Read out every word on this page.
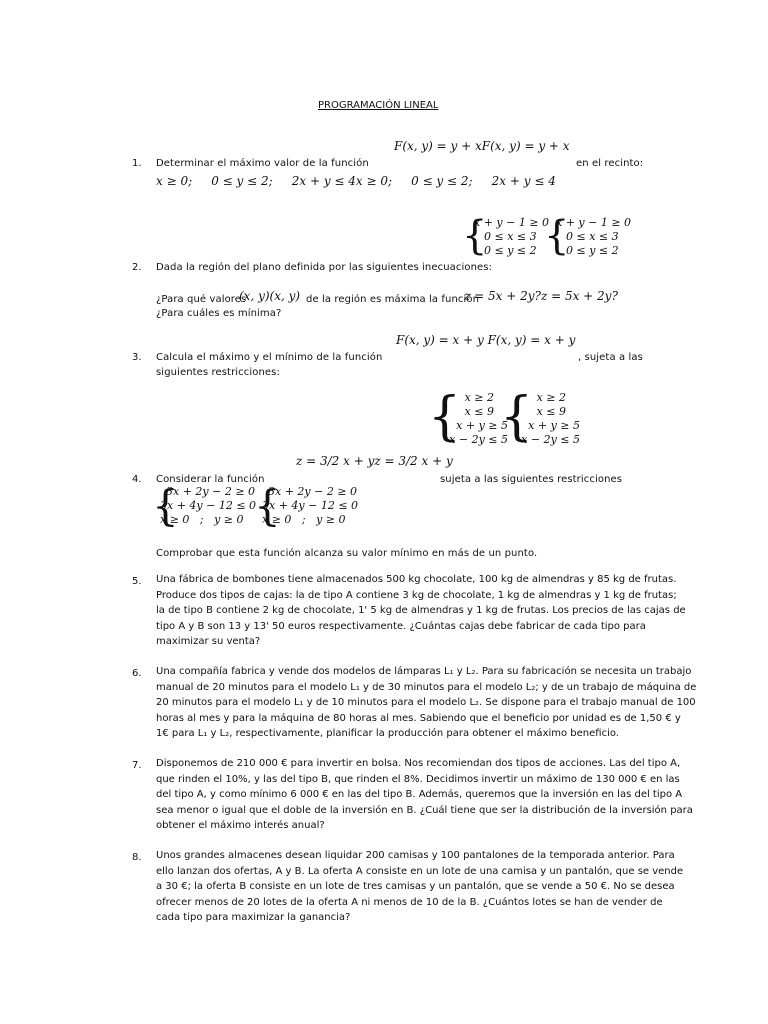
PROGRAMACIÓN LINEAL
F(x, y) = y + xF(x, y) = y + x
1. Determinar el máximo valor de la función	en el recinto:
x ≥ 0;     0 ≤ y ≤ 2;     2x + y ≤ 4x ≥ 0;     0 ≤ y ≤ 2;     2x + y ≤ 4
{
x + y − 1 ≥ 0
0 ≤ x ≤ 3
0 ≤ y ≤ 2 {
x + y − 1 ≥ 0
0 ≤ x ≤ 3
0 ≤ y ≤ 2
2. Dada la región del plano definida por las siguientes inecuaciones:
¿Para qué valores
(x, y)(x, y) de la región es máxima la función
z = 5x + 2y?z = 5x + 2y?
¿Para cuáles es mínima?
F(x, y) = x + y F(x, y) = x + y
3. Calcula el máximo y el mínimo de la función	, sujeta a las
siguientes restricciones:
{ x ≥ 2
x ≤ 9
x + y ≥ 5
x − 2y ≤ 5
{ x ≥ 2
x ≤ 9
x + y ≥ 5
x − 2y ≤ 5
z = 3/2 x + yz = 3/2 x + y
4. Considerar la función	sujeta a las siguientes restricciones
{
3x + 2y − 2 ≥ 0
3x + 4y − 12 ≤ 0
x ≥ 0   ;   y ≥ 0 {
3x + 2y − 2 ≥ 0
3x + 4y − 12 ≤ 0
x ≥ 0   ;   y ≥ 0
Comprobar que esta función alcanza su valor mínimo en más de un punto.
5. Una fábrica de bombones tiene almacenados 500 kg chocolate, 100 kg de almendras y 85 kg de frutas.
Produce dos tipos de cajas: la de tipo A contiene 3 kg de chocolate, 1 kg de almendras y 1 kg de frutas;
la de tipo B contiene 2 kg de chocolate, 1' 5 kg de almendras y 1 kg de frutas. Los precios de las cajas de
tipo A y B son 13 y 13' 50 euros respectivamente. ¿Cuántas cajas debe fabricar de cada tipo para
maximizar su venta?
6. Una compañía fabrica y vende dos modelos de lámparas L₁ y L₂. Para su fabricación se necesita un trabajo
manual de 20 minutos para el modelo L₁ y de 30 minutos para el modelo L₂; y de un trabajo de máquina de
20 minutos para el modelo L₁ y de 10 minutos para el modelo L₂. Se dispone para el trabajo manual de 100
horas al mes y para la máquina de 80 horas al mes. Sabiendo que el beneficio por unidad es de 1,50 € y
1€ para L₁ y L₂, respectivamente, planificar la producción para obtener el máximo beneficio.
7. Disponemos de 210 000 € para invertir en bolsa. Nos recomiendan dos tipos de acciones. Las del tipo A,
que rinden el 10%, y las del tipo B, que rinden el 8%. Decidimos invertir un máximo de 130 000 € en las
del tipo A, y como mínimo 6 000 € en las del tipo B. Además, queremos que la inversión en las del tipo A
sea menor o igual que el doble de la inversión en B. ¿Cuál tiene que ser la distribución de la inversión para
obtener el máximo interés anual?
8. Unos grandes almacenes desean liquidar 200 camisas y 100 pantalones de la temporada anterior. Para
ello lanzan dos ofertas, A y B. La oferta A consiste en un lote de una camisa y un pantalón, que se vende
a 30 €; la oferta B consiste en un lote de tres camisas y un pantalón, que se vende a 50 €. No se desea
ofrecer menos de 20 lotes de la oferta A ni menos de 10 de la B. ¿Cuántos lotes se han de vender de
cada tipo para maximizar la ganancia?
